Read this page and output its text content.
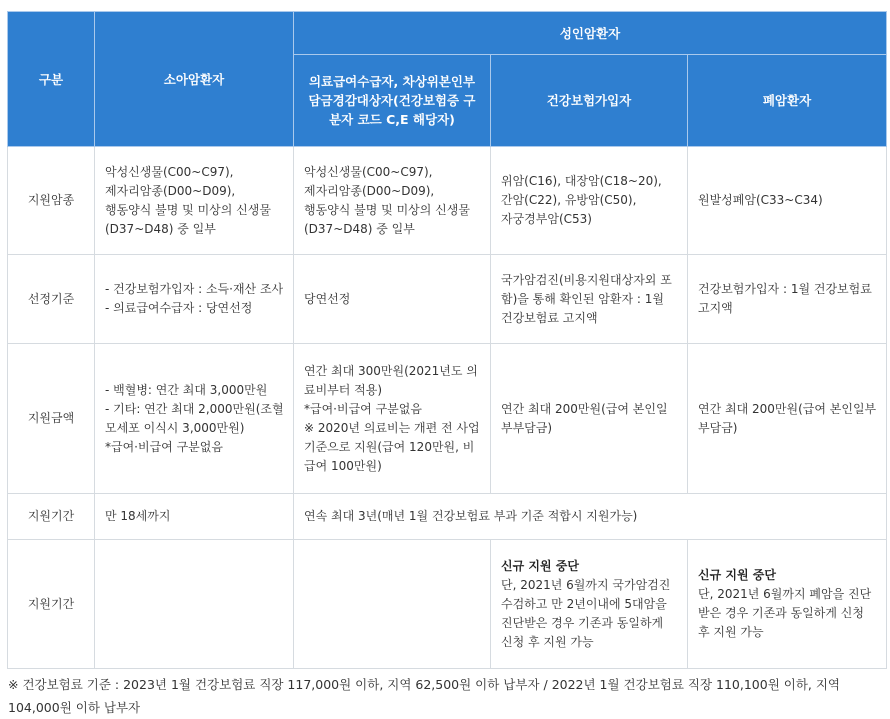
구분	소아암환자	성인암환자		
		의료급여수급자, 차상위본인부담금경감대상자(건강보험증 구분자 코드 C,E 해당자)	건강보험가입자	폐암환자
지원암종	악성신생물(C00~C97),
제자리암종(D00~D09),
행동양식 불명 및 미상의 신생물(D37~D48) 중 일부	악성신생물(C00~C97),
제자리암종(D00~D09),
행동양식 불명 및 미상의 신생물(D37~D48) 중 일부	위암(C16), 대장암(C18~20),
간암(C22), 유방암(C50),
자궁경부암(C53)	원발성폐암(C33~C34)
선정기준	- 건강보험가입자 : 소득·재산 조사
- 의료급여수급자 : 당연선정	당연선정	국가암검진(비용지원대상자외 포함)을 통해 확인된 암환자 : 1월 건강보험료 고지액	건강보험가입자 : 1월 건강보험료 고지액
지원금액	- 백혈병: 연간 최대 3,000만원
- 기타: 연간 최대 2,000만원(조혈모세포 이식시 3,000만원)
*급여·비급여 구분없음	연간 최대 300만원(2021년도 의료비부터 적용)
*급여·비급여 구분없음
※ 2020년 의료비는 개편 전 사업기준으로 지원(급여 120만원, 비급여 100만원)	연간 최대 200만원(급여 본인일부부담금)	연간 최대 200만원(급여 본인일부부담금)
지원기간	만 18세까지	연속 최대 3년(매년 1월 건강보험료 부과 기준 적합시 지원가능)		
지원기간			신규 지원 중단
단, 2021년 6월까지 국가암검진 수검하고 만 2년이내에 5대암을 진단받은 경우 기존과 동일하게 신청 후 지원 가능	신규 지원 중단
단, 2021년 6월까지 폐암을 진단받은 경우 기존과 동일하게 신청 후 지원 가능
※ 건강보험료 기준 : 2023년 1월 건강보험료 직장 117,000원 이하, 지역 62,500원 이하 납부자 / 2022년 1월 건강보험료 직장 110,100원 이하, 지역 104,000원 이하 납부자
